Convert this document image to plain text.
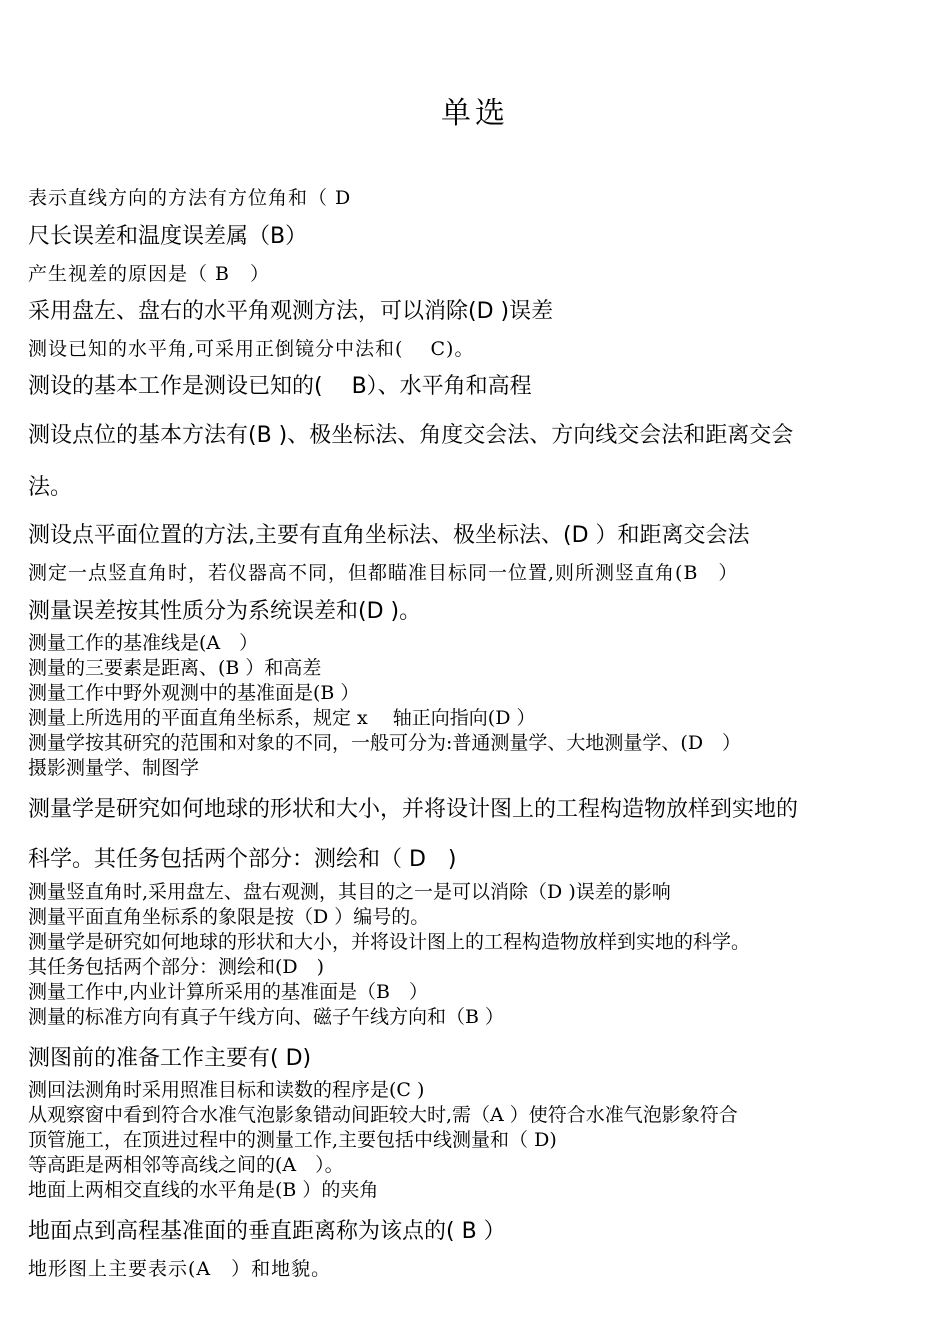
单选
表示直线方向的方法有方位角和（ D
尺长误差和温度误差属（B）
产生视差的原因是（ B　）
采用盘左、盘右的水平角观测方法，可以消除(D )误差
测设已知的水平角,可采用正倒镜分中法和(　 C)。
测设的基本工作是测设已知的(　 B）、水平角和高程
测设点位的基本方法有(B )、极坐标法、角度交会法、方向线交会法和距离交会
法。
测设点平面位置的方法,主要有直角坐标法、极坐标法、(D ）和距离交会法
测定一点竖直角时，若仪器高不同，但都瞄准目标同一位置,则所测竖直角(B　）
测量误差按其性质分为系统误差和(D )。
测量工作的基准线是(A　）
测量的三要素是距离、(B ）和高差
测量工作中野外观测中的基准面是(B ）
测量上所选用的平面直角坐标系，规定 x　 轴正向指向(D ）
测量学按其研究的范围和对象的不同，一般可分为:普通测量学、大地测量学、(D　）
摄影测量学、制图学
测量学是研究如何地球的形状和大小，并将设计图上的工程构造物放样到实地的
科学。其任务包括两个部分：测绘和（ D　)
测量竖直角时,采用盘左、盘右观测，其目的之一是可以消除（D )误差的影响
测量平面直角坐标系的象限是按（D ）编号的。
测量学是研究如何地球的形状和大小，并将设计图上的工程构造物放样到实地的科学。
其任务包括两个部分：测绘和(D　)
测量工作中,内业计算所采用的基准面是（B　）
测量的标准方向有真子午线方向、磁子午线方向和（B ）
测图前的准备工作主要有( D)
测回法测角时采用照准目标和读数的程序是(C )
从观察窗中看到符合水准气泡影象错动间距较大时,需（A ）使符合水准气泡影象符合
顶管施工，在顶进过程中的测量工作,主要包括中线测量和（ D)
等高距是两相邻等高线之间的(A　）。
地面上两相交直线的水平角是(B ）的夹角
地面点到高程基准面的垂直距离称为该点的( B ）
地形图上主要表示(A　）和地貌。
